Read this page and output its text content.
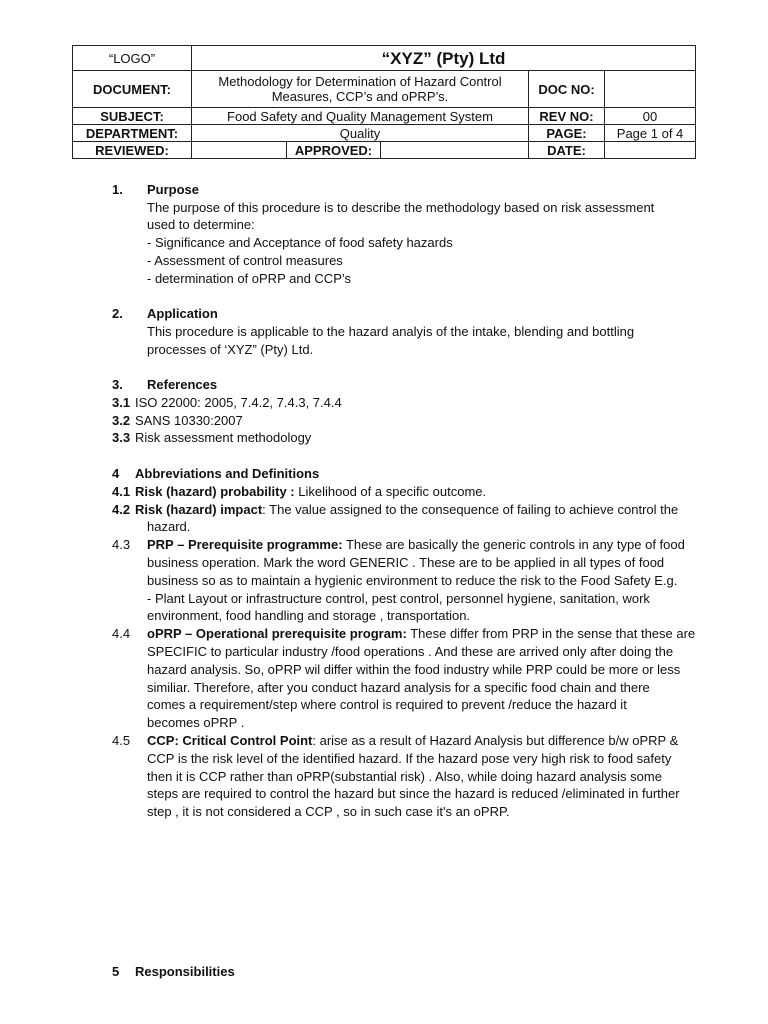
“LOGO”	“XYZ” (Pty) Ltd				
DOCUMENT:	Methodology for Determination of Hazard Control Measures, CCP’s and oPRP’s.			DOC NO:	
SUBJECT:	Food Safety and Quality Management System			REV NO:	00
DEPARTMENT:	Quality			PAGE:	Page 1 of 4
REVIEWED:		APPROVED:		DATE:	
1. Purpose
The purpose of this procedure is to describe the methodology based on risk assessment
used to determine:
- Significance and Acceptance of food safety hazards
- Assessment of control measures
- determination of oPRP and CCP’s
2. Application
This procedure is applicable to the hazard analyis of the intake, blending and bottling
processes of ‘XYZ” (Pty) Ltd.
3. References
3.1 ISO 22000: 2005, 7.4.2, 7.4.3, 7.4.4
3.2 SANS 10330:2007
3.3 Risk assessment methodology
4 Abbreviations and Definitions
4.1 Risk (hazard) probability : Likelihood of a specific outcome.
4.2 Risk (hazard) impact: The value assigned to the consequence of failing to achieve control the
hazard.
4.3 PRP – Prerequisite programme: These are basically the generic controls in any type of food
business operation. Mark the word GENERIC . These are to be applied in all types of food
business so as to maintain a hygienic environment to reduce the risk to the Food Safety E.g.
- Plant Layout or infrastructure control, pest control, personnel hygiene, sanitation, work
environment, food handling and storage , transportation.
4.4 oPRP – Operational prerequisite program: These differ from PRP in the sense that these are
SPECIFIC to particular industry /food operations . And these are arrived only after doing the
hazard analysis. So, oPRP wil differ within the food industry while PRP could be more or less
similiar. Therefore, after you conduct hazard analysis for a specific food chain and there
comes a requirement/step where control is required to prevent /reduce the hazard it
becomes oPRP .
4.5 CCP: Critical Control Point: arise as a result of Hazard Analysis but difference b/w oPRP &
CCP is the risk level of the identified hazard. If the hazard pose very high risk to food safety
then it is CCP rather than oPRP(substantial risk) . Also, while doing hazard analysis some
steps are required to control the hazard but since the hazard is reduced /eliminated in further
step , it is not considered a CCP , so in such case it's an oPRP.
5 Responsibilities
